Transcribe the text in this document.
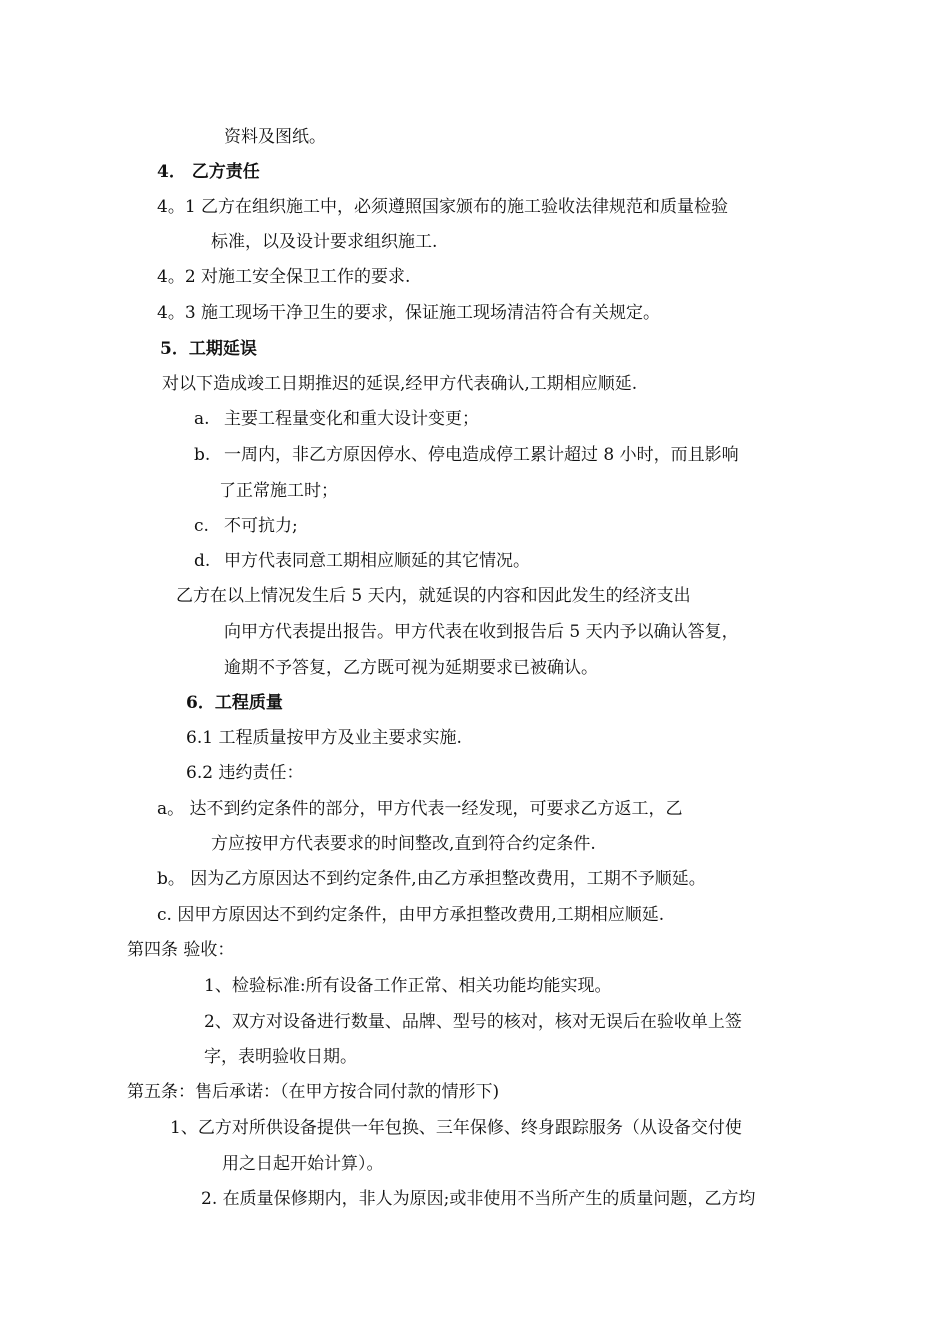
资料及图纸。
4． 乙方责任
4。1 乙方在组织施工中，必须遵照国家颁布的施工验收法律规范和质量检验
标准，以及设计要求组织施工.
4。2 对施工安全保卫工作的要求.
4。3 施工现场干净卫生的要求，保证施工现场清洁符合有关规定。
5．工期延误
对以下造成竣工日期推迟的延误,经甲方代表确认,工期相应顺延.
a. 主要工程量变化和重大设计变更；
b. 一周内，非乙方原因停水、停电造成停工累计超过 8 小时，而且影响
了正常施工时；
c. 不可抗力;
d. 甲方代表同意工期相应顺延的其它情况。
乙方在以上情况发生后 5 天内，就延误的内容和因此发生的经济支出
向甲方代表提出报告。甲方代表在收到报告后 5 天内予以确认答复，
逾期不予答复，乙方既可视为延期要求已被确认。
6．工程质量
6.1 工程质量按甲方及业主要求实施.
6.2 违约责任：
a。 达不到约定条件的部分，甲方代表一经发现，可要求乙方返工，乙
方应按甲方代表要求的时间整改,直到符合约定条件.
b。 因为乙方原因达不到约定条件,由乙方承担整改费用，工期不予顺延。
c. 因甲方原因达不到约定条件，由甲方承担整改费用,工期相应顺延.
第四条 验收：
1、检验标准:所有设备工作正常、相关功能均能实现。
2、双方对设备进行数量、品牌、型号的核对，核对无误后在验收单上签
字，表明验收日期。
第五条：售后承诺：（在甲方按合同付款的情形下)
1、乙方对所供设备提供一年包换、三年保修、终身跟踪服务（从设备交付使
用之日起开始计算）。
2. 在质量保修期内，非人为原因;或非使用不当所产生的质量问题，乙方均
